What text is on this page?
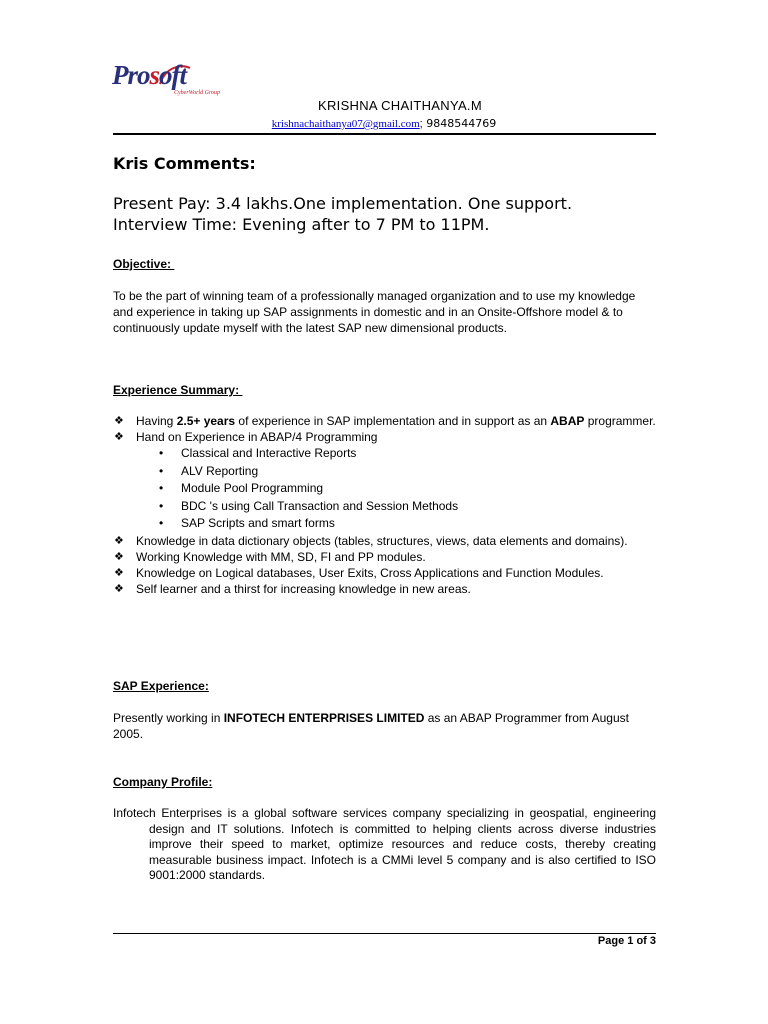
Prosoft
CyberWorld Group
KRISHNA CHAITHANYA.M
krishnachaithanya07@gmail.com; 9848544769
Kris Comments:
Present Pay: 3.4 lakhs.One implementation. One support.
Interview Time: Evening after to 7 PM to 11PM.
Objective:
To be the part of winning team of a professionally managed organization and to use my knowledge and experience in taking up SAP assignments in domestic and in an Onsite-Offshore model & to continuously update myself with the latest SAP new dimensional products.
Experience Summary:
❖ Having 2.5+ years of experience in SAP implementation and in support as an ABAP programmer.
❖ Hand on Experience in ABAP/4 Programming
• Classical and Interactive Reports
• ALV Reporting
• Module Pool Programming
• BDC 's using Call Transaction and Session Methods
• SAP Scripts and smart forms
❖ Knowledge in data dictionary objects (tables, structures, views, data elements and domains).
❖ Working Knowledge with MM, SD, FI and PP modules.
❖ Knowledge on Logical databases, User Exits, Cross Applications and Function Modules.
❖ Self learner and a thirst for increasing knowledge in new areas.
SAP Experience:
Presently working in INFOTECH ENTERPRISES LIMITED as an ABAP Programmer from August 2005.
Company Profile:
Infotech Enterprises is a global software services company specializing in geospatial, engineering design and IT solutions. Infotech is committed to helping clients across diverse industries improve their speed to market, optimize resources and reduce costs, thereby creating measurable business impact. Infotech is a CMMi level 5 company and is also certified to ISO 9001:2000 standards.
Page 1 of 3
